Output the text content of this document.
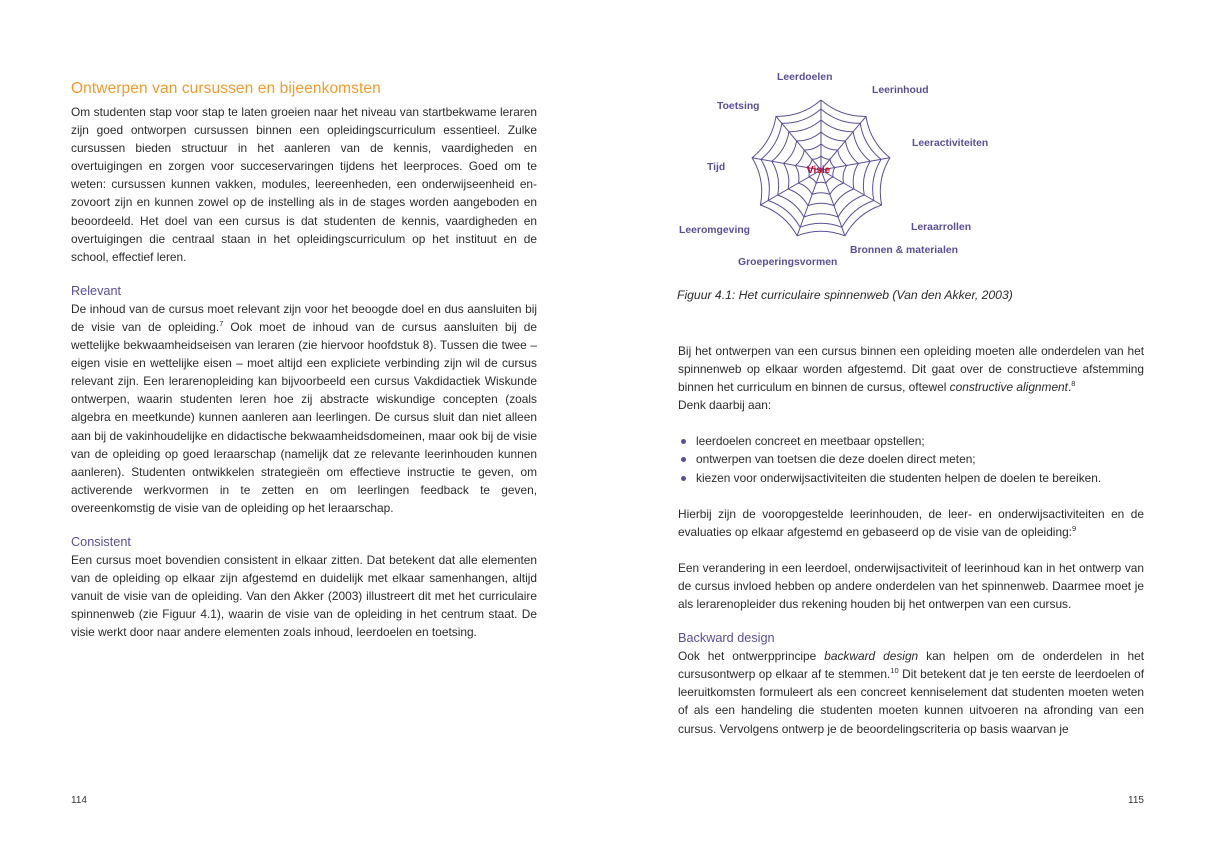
Ontwerpen van cursussen en bijeenkomsten

Om studenten stap voor stap te laten groeien naar het niveau van startbekwame leraren zijn goed ontworpen cursussen binnen een opleidingscurriculum essentieel. Zulke cursussen bieden structuur in het aanleren van de kennis, vaardigheden en overtuigingen en zorgen voor succeservaringen tijdens het leerproces. Goed om te weten: cursussen kunnen vakken, modules, leereenheden, een onderwijseenheid en-zovoort zijn en kunnen zowel op de instelling als in de stages worden aangeboden en beoordeeld. Het doel van een cursus is dat studenten de kennis, vaardigheden en overtuigingen die centraal staan in het opleidingscurriculum op het instituut en de school, effectief leren.

Relevant

De inhoud van de cursus moet relevant zijn voor het beoogde doel en dus aansluiten bij de visie van de opleiding.$^7$ Ook moet de inhoud van de cursus aansluiten bij de wettelijke bekwaamheidseisen van leraren (zie hiervoor hoofdstuk 8). Tussen die twee – eigen visie en wettelijke eisen – moet altijd een expliciete verbinding zijn wil de cursus relevant zijn. Een lerarenopleiding kan bijvoorbeeld een cursus Vakdidactiek Wiskunde ontwerpen, waarin studenten leren hoe zij abstracte wiskundige concepten (zoals algebra en meetkunde) kunnen aanleren aan leerlingen. De cursus sluit dan niet alleen aan bij de vakinhoudelijke en didactische bekwaamheidsdomeinen, maar ook bij de visie van de opleiding op goed leraarschap (namelijk dat ze relevante leerinhouden kunnen aanleren). Studenten ontwikkelen strategieën om effectieve instructie te geven, om activerende werkvormen in te zetten en om leerlingen feedback te geven, overeenkomstig de visie van de opleiding op het leraarschap.

Consistent

Een cursus moet bovendien consistent in elkaar zitten. Dat betekent dat alle elementen van de opleiding op elkaar zijn afgestemd en duidelijk met elkaar samenhangen, altijd vanuit de visie van de opleiding. Van den Akker (2003) illustreert dit met het curriculaire spinnenweb (zie Figuur 4.1), waarin de visie van de opleiding in het centrum staat. De visie werkt door naar andere elementen zoals inhoud, leerdoelen en toetsing.

114
Leerdoelen
Leerinhoud
Leeractiviteiten
Leraarrollen
Bronnen & materialen
Groeperingsvormen
Leeromgeving
Tijd
Toetsing
Visie
Figuur 4.1: Het curriculaire spinnenweb (Van den Akker, 2003)

Bij het ontwerpen van een cursus binnen een opleiding moeten alle onderdelen van het spinnenweb op elkaar worden afgestemd. Dit gaat over de constructieve afstemming binnen het curriculum en binnen de cursus, oftewel constructive alignment.$^8$
Denk daarbij aan:

leerdoelen concreet en meetbaar opstellen;
ontwerpen van toetsen die deze doelen direct meten;
kiezen voor onderwijsactiviteiten die studenten helpen de doelen te bereiken.

Hierbij zijn de vooropgestelde leerinhouden, de leer- en onderwijsactiviteiten en de evaluaties op elkaar afgestemd en gebaseerd op de visie van de opleiding:$^9$

Een verandering in een leerdoel, onderwijsactiviteit of leerinhoud kan in het ontwerp van de cursus invloed hebben op andere onderdelen van het spinnenweb. Daarmee moet je als lerarenopleider dus rekening houden bij het ontwerpen van een cursus.

Backward design

Ook het ontwerpprincipe backward design kan helpen om de onderdelen in het cursusontwerp op elkaar af te stemmen.$^{10}$ Dit betekent dat je ten eerste de leerdoelen of leeruitkomsten formuleert als een concreet kenniselement dat studenten moeten weten of als een handeling die studenten moeten kunnen uitvoeren na afronding van een cursus. Vervolgens ontwerp je de beoordelingscriteria op basis waarvan je

115
